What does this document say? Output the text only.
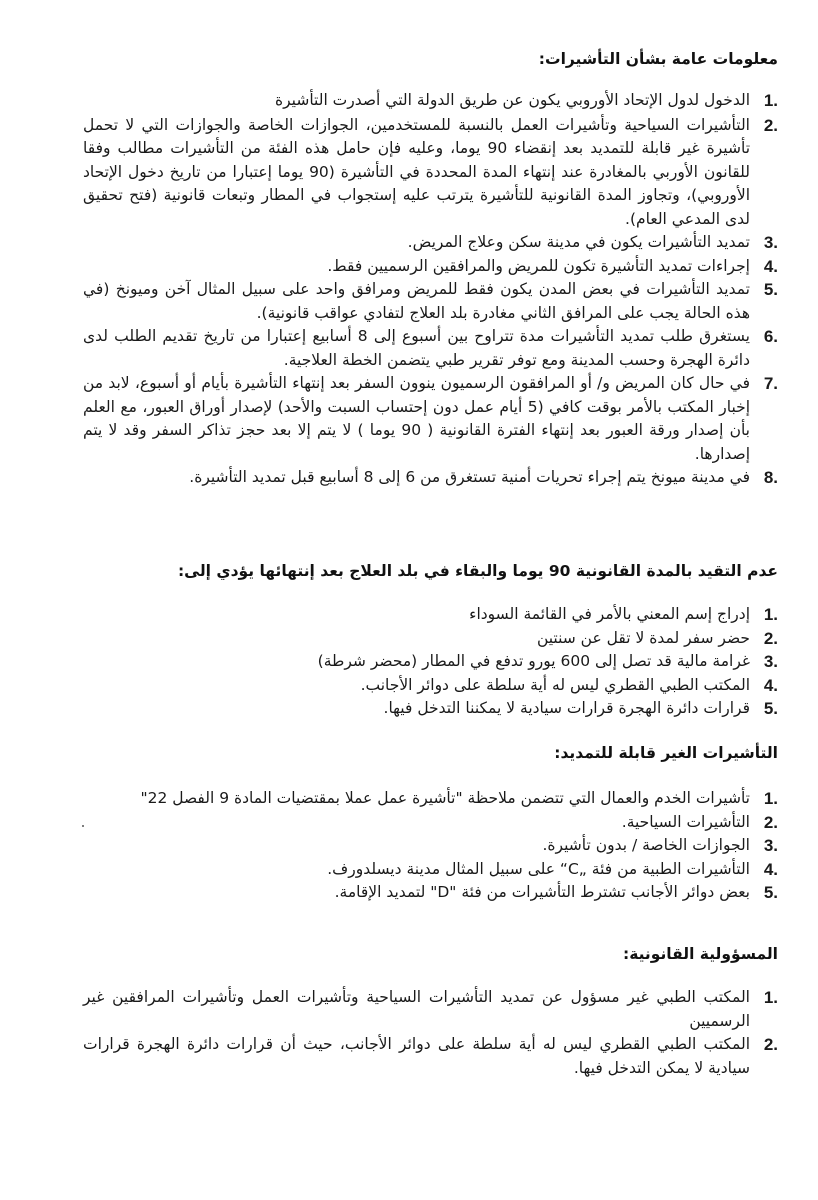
معلومات عامة بشأن التأشيرات:
1.
الدخول لدول الإتحاد الأوروبي يكون عن طريق الدولة التي أصدرت التأشيرة
2.
التأشيرات السياحية وتأشيرات العمل بالنسبة للمستخدمين، الجوازات الخاصة والجوازات التي لا تحمل تأشيرة غير قابلة للتمديد بعد إنقضاء 90 يوما، وعليه فإن حامل هذه الفئة من التأشيرات مطالب وفقا للقانون الأوربي بالمغادرة عند إنتهاء المدة المحددة في التأشيرة (90 يوما إعتبارا من تاريخ دخول الإتحاد الأوروبي)، وتجاوز المدة القانونية للتأشيرة يترتب عليه إستجواب في المطار وتبعات قانونية (فتح تحقيق لدى المدعي العام).
3.
تمديد التأشيرات يكون في مدينة سكن وعلاج المريض.
4.
إجراءات تمديد التأشيرة تكون للمريض والمرافقين الرسميين فقط.
5.
تمديد التأشيرات في بعض المدن يكون فقط للمريض ومرافق واحد على سبيل المثال آخن وميونخ (في هذه الحالة يجب على المرافق الثاني مغادرة بلد العلاج لتفادي عواقب قانونية).
6.
يستغرق طلب تمديد التأشيرات مدة تتراوح بين أسبوع إلى 8 أسابيع إعتبارا من تاريخ تقديم الطلب لدى دائرة الهجرة وحسب المدينة ومع توفر تقرير طبي يتضمن الخطة العلاجية.
7.
في حال كان المريض و/ أو المرافقون الرسميون ينوون السفر بعد إنتهاء التأشيرة بأيام أو أسبوع، لابد من إخبار المكتب بالأمر بوقت كافي (5 أيام عمل دون إحتساب السبت والأحد) لإصدار أوراق العبور، مع العلم بأن إصدار ورقة العبور بعد إنتهاء الفترة القانونية ( 90 يوما ) لا يتم إلا بعد حجز تذاكر السفر وقد لا يتم إصدارها.
8.
في مدينة ميونخ يتم إجراء تحريات أمنية تستغرق من 6 إلى 8 أسابيع قبل تمديد التأشيرة.
عدم التقيد بالمدة القانونية 90 يوما والبقاء في بلد العلاج بعد إنتهائها يؤدي إلى:
1.
إدراج إسم المعني بالأمر في القائمة السوداء
2.
حضر سفر لمدة لا تقل عن سنتين
3.
غرامة مالية قد تصل إلى 600 يورو تدفع في المطار (محضر شرطة)
4.
المكتب الطبي القطري ليس له أية سلطة على دوائر الأجانب.
5.
قرارات دائرة الهجرة قرارات سيادية لا يمكننا التدخل فيها.
التأشيرات الغير قابلة للتمديد:
1.
تأشيرات الخدم والعمال التي تتضمن ملاحظة "تأشيرة عمل عملا بمقتضيات المادة 9 الفصل 22"
2.
التأشيرات السياحية.
3.
الجوازات الخاصة / بدون تأشيرة.
4.
التأشيرات الطبية من فئة „C“ على سبيل المثال مدينة ديسلدورف.
5.
بعض دوائر الأجانب تشترط التأشيرات من فئة "D" لتمديد الإقامة.
المسؤولية القانونية:
1.
المكتب الطبي غير مسؤول عن تمديد التأشيرات السياحية وتأشيرات العمل وتأشيرات المرافقين غير الرسميين
2.
المكتب الطبي القطري ليس له أية سلطة على دوائر الأجانب، حيث أن قرارات دائرة الهجرة قرارات سيادية لا يمكن التدخل فيها.
